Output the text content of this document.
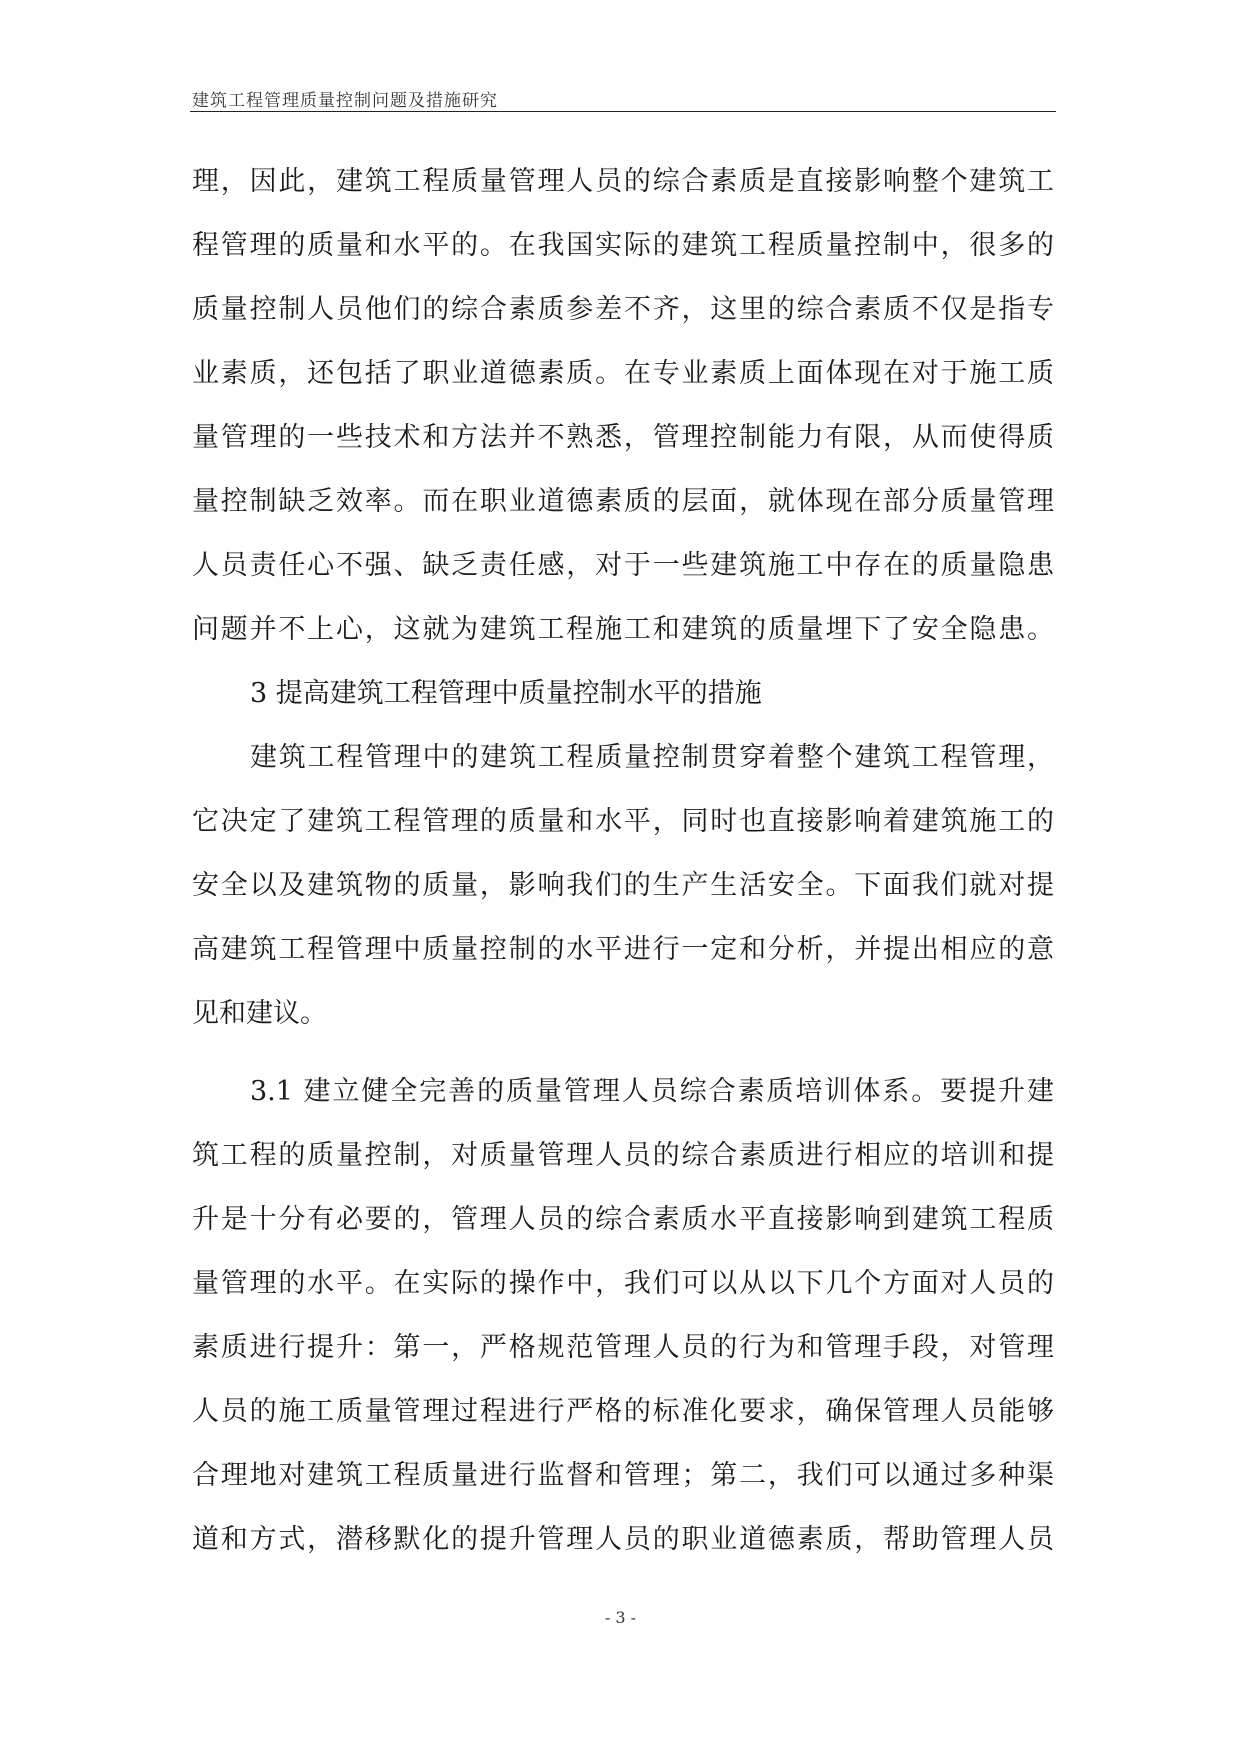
建筑工程管理质量控制问题及措施研究
理，因此，建筑工程质量管理人员的综合素质是直接影响整个建筑工
程管理的质量和水平的。在我国实际的建筑工程质量控制中，很多的
质量控制人员他们的综合素质参差不齐，这里的综合素质不仅是指专
业素质，还包括了职业道德素质。在专业素质上面体现在对于施工质
量管理的一些技术和方法并不熟悉，管理控制能力有限，从而使得质
量控制缺乏效率。而在职业道德素质的层面，就体现在部分质量管理
人员责任心不强、缺乏责任感，对于一些建筑施工中存在的质量隐患
问题并不上心，这就为建筑工程施工和建筑的质量埋下了安全隐患。
3 提高建筑工程管理中质量控制水平的措施
建筑工程管理中的建筑工程质量控制贯穿着整个建筑工程管理，
它决定了建筑工程管理的质量和水平，同时也直接影响着建筑施工的
安全以及建筑物的质量，影响我们的生产生活安全。下面我们就对提
高建筑工程管理中质量控制的水平进行一定和分析，并提出相应的意
见和建议。
3.1 建立健全完善的质量管理人员综合素质培训体系。要提升建
筑工程的质量控制，对质量管理人员的综合素质进行相应的培训和提
升是十分有必要的，管理人员的综合素质水平直接影响到建筑工程质
量管理的水平。在实际的操作中，我们可以从以下几个方面对人员的
素质进行提升：第一，严格规范管理人员的行为和管理手段，对管理
人员的施工质量管理过程进行严格的标准化要求，确保管理人员能够
合理地对建筑工程质量进行监督和管理；第二，我们可以通过多种渠
道和方式，潜移默化的提升管理人员的职业道德素质，帮助管理人员
- 3 -
